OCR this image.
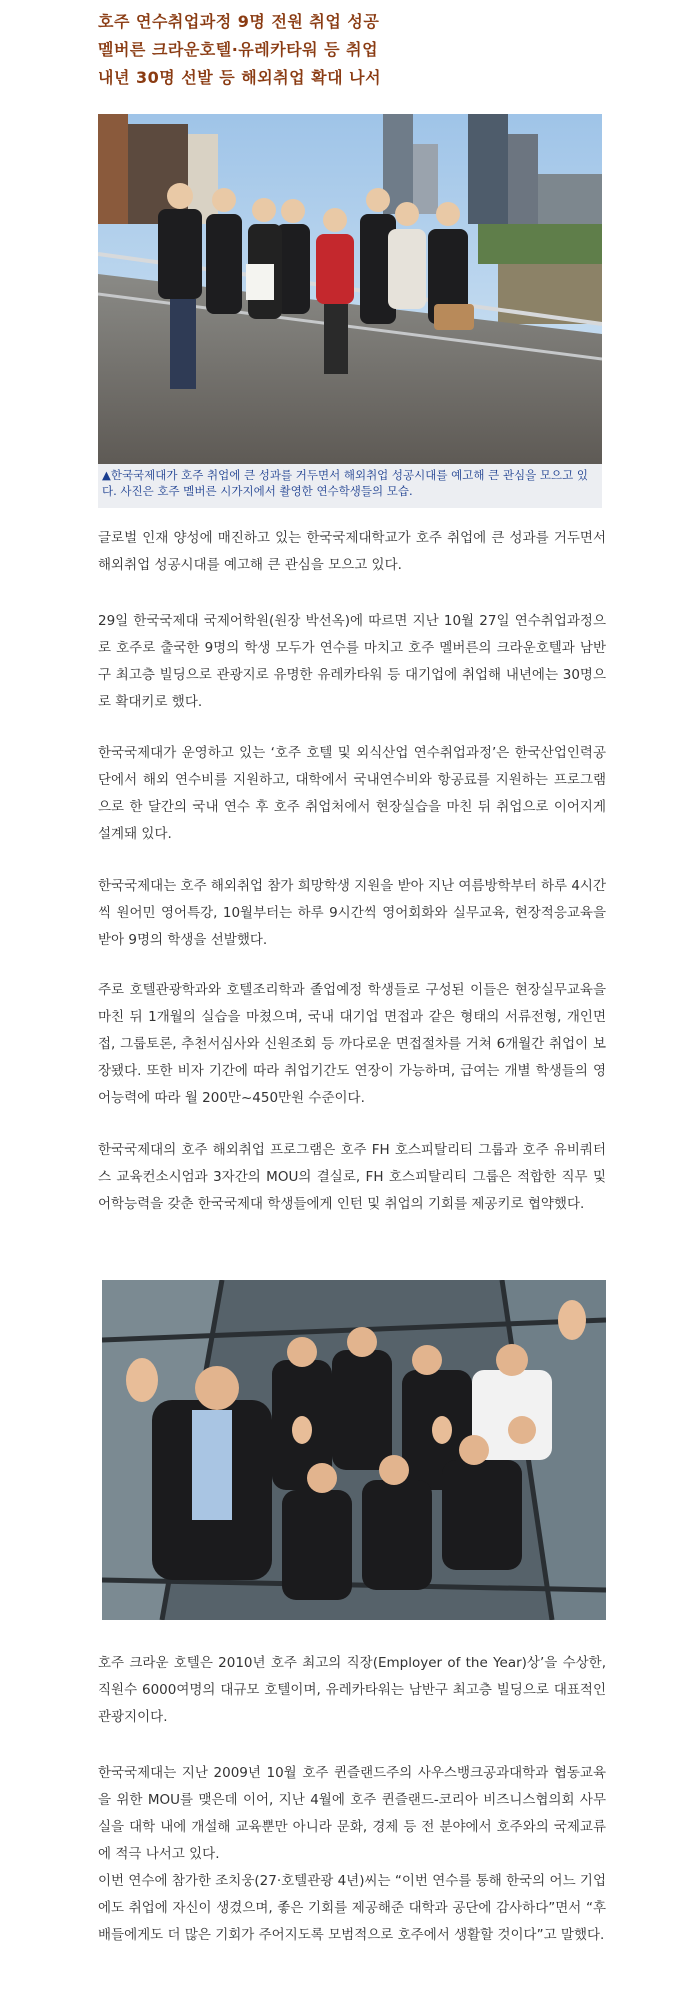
호주 연수취업과정 9명 전원 취업 성공
멜버른 크라운호텔·유레카타워 등 취업
내년 30명 선발 등 해외취업 확대 나서
▲한국국제대가 호주 취업에 큰 성과를 거두면서 해외취업 성공시대를 예고해 큰 관심을 모으고 있다. 사진은 호주 멜버른 시가지에서 촬영한 연수학생들의 모습.
글로벌 인재 양성에 매진하고 있는 한국국제대학교가 호주 취업에 큰 성과를 거두면서 해외취업 성공시대를 예고해 큰 관심을 모으고 있다.
29일 한국국제대 국제어학원(원장 박선옥)에 따르면 지난 10월 27일 연수취업과정으로 호주로 출국한 9명의 학생 모두가 연수를 마치고 호주 멜버른의 크라운호텔과 남반구 최고층 빌딩으로 관광지로 유명한 유레카타워 등 대기업에 취업해 내년에는 30명으로 확대키로 했다.
한국국제대가 운영하고 있는 ‘호주 호텔 및 외식산업 연수취업과정’은 한국산업인력공단에서 해외 연수비를 지원하고, 대학에서 국내연수비와 항공료를 지원하는 프로그램으로 한 달간의 국내 연수 후 호주 취업처에서 현장실습을 마친 뒤 취업으로 이어지게 설계돼 있다.
한국국제대는 호주 해외취업 참가 희망학생 지원을 받아 지난 여름방학부터 하루 4시간씩 원어민 영어특강, 10월부터는 하루 9시간씩 영어회화와 실무교육, 현장적응교육을 받아 9명의 학생을 선발했다.
주로 호텔관광학과와 호텔조리학과 졸업예정 학생들로 구성된 이들은 현장실무교육을 마친 뒤 1개월의 실습을 마쳤으며, 국내 대기업 면접과 같은 형태의 서류전형, 개인면접, 그룹토론, 추천서심사와 신원조회 등 까다로운 면접절차를 거쳐 6개월간 취업이 보장됐다. 또한 비자 기간에 따라 취업기간도 연장이 가능하며, 급여는 개별 학생들의 영어능력에 따라 월 200만~450만원 수준이다.
한국국제대의 호주 해외취업 프로그램은 호주 FH 호스피탈리티 그룹과 호주 유비쿼터스 교육컨소시엄과 3자간의 MOU의 결실로, FH 호스피탈리티 그룹은 적합한 직무 및 어학능력을 갖춘 한국국제대 학생들에게 인턴 및 취업의 기회를 제공키로 협약했다.
호주 크라운 호텔은 2010년 호주 최고의 직장(Employer of the Year)상’을 수상한, 직원수 6000여명의 대규모 호텔이며, 유레카타워는 남반구 최고층 빌딩으로 대표적인 관광지이다.
한국국제대는 지난 2009년 10월 호주 퀸즐랜드주의 사우스뱅크공과대학과 협동교육을 위한 MOU를 맺은데 이어, 지난 4월에 호주 퀸즐랜드-코리아 비즈니스협의회 사무실을 대학 내에 개설해 교육뿐만 아니라 문화, 경제 등 전 분야에서 호주와의 국제교류에 적극 나서고 있다.
이번 연수에 참가한 조치웅(27·호텔관광 4년)씨는 “이번 연수를 통해 한국의 어느 기업에도 취업에 자신이 생겼으며, 좋은 기회를 제공해준 대학과 공단에 감사하다”면서 “후배들에게도 더 많은 기회가 주어지도록 모범적으로 호주에서 생활할 것이다”고 말했다.
